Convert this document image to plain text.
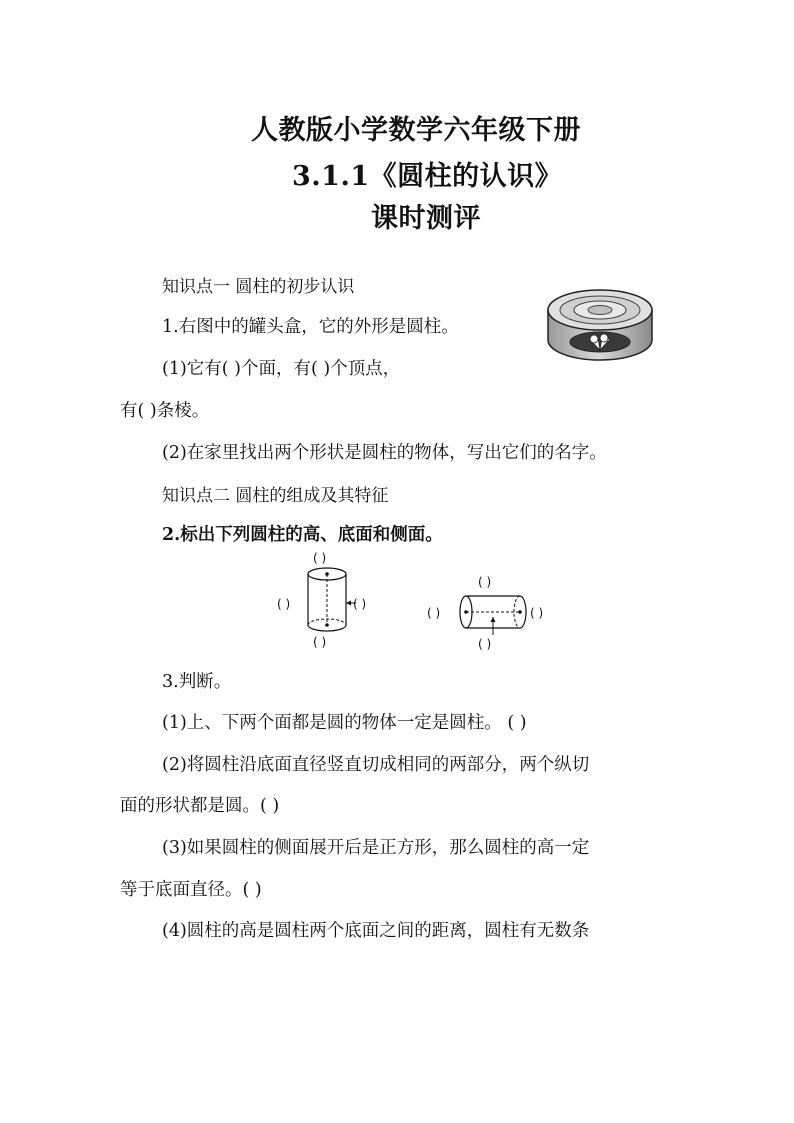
人教版小学数学六年级下册
3.1.1《圆柱的认识》
课时测评
知识点一 圆柱的初步认识
1.右图中的罐头盒，它的外形是圆柱。
(1)它有( )个面，有( )个顶点，
有( )条棱。
(2)在家里找出两个形状是圆柱的物体，写出它们的名字。
知识点二 圆柱的组成及其特征
2.标出下列圆柱的高、底面和侧面。
( )
( )	( )
( )
( )
( )	( )
( )
3.判断。
(1)上、下两个面都是圆的物体一定是圆柱。 ( )
(2)将圆柱沿底面直径竖直切成相同的两部分，两个纵切
面的形状都是圆。( )
(3)如果圆柱的侧面展开后是正方形，那么圆柱的高一定
等于底面直径。( )
(4)圆柱的高是圆柱两个底面之间的距离，圆柱有无数条
